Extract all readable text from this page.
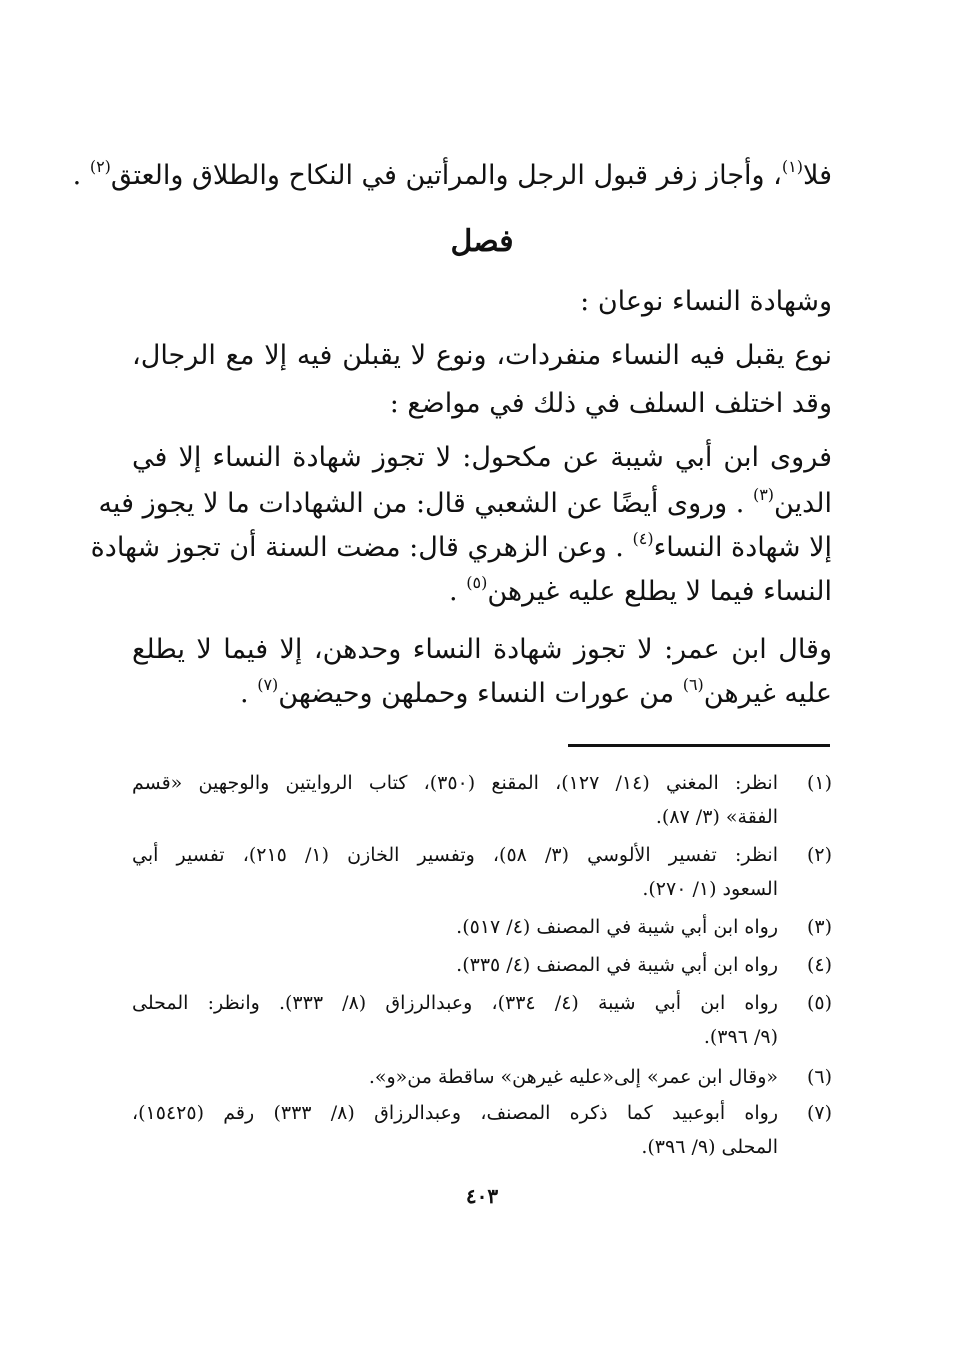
فلا$^{(١)}$، وأجاز زفر قبول الرجل والمرأتين في النكاح والطلاق والعتق$^{(٢)}$ .
فصل
وشهادة النساء نوعان :
نوع يقبل فيه النساء منفردات، ونوع لا يقبلن فيه إلا مع الرجال،
وقد اختلف السلف في ذلك في مواضع :
فروى ابن أبي شيبة عن مكحول: لا تجوز شهادة النساء إلا في
الدين$^{(٣)}$ . وروى أيضًا عن الشعبي قال: من الشهادات ما لا يجوز فيه
إلا شهادة النساء$^{(٤)}$ . وعن الزهري قال: مضت السنة أن تجوز شهادة
النساء فيما لا يطلع عليه غيرهن$^{(٥)}$ .
وقال ابن عمر: لا تجوز شهادة النساء وحدهن، إلا فيما لا يطلع
عليه غيرهن$^{(٦)}$ من عورات النساء وحملهن وحيضهن$^{(٧)}$ .
(١)
انظر: المغني (١٤/ ١٢٧)، المقنع (٣٥٠)، كتاب الروايتين والوجهين «قسم
الفقة» (٣/ ٨٧).
(٢)
انظر: تفسير الألوسي (٣/ ٥٨)، وتفسير الخازن (١/ ٢١٥)، تفسير أبي
السعود (١/ ٢٧٠).
(٣)
رواه ابن أبي شيبة في المصنف (٤/ ٥١٧).
(٤)
رواه ابن أبي شيبة في المصنف (٤/ ٣٣٥).
(٥)
رواه ابن أبي شيبة (٤/ ٣٣٤)، وعبدالرزاق (٨/ ٣٣٣). وانظر: المحلى
(٩/ ٣٩٦).
(٦)
«وقال ابن عمر» إلى«عليه غيرهن» ساقطة من«و».
(٧)
رواه أبوعبيد كما ذكره المصنف، وعبدالرزاق (٨/ ٣٣٣) رقم (١٥٤٢٥)،
المحلى (٩/ ٣٩٦).
٤٠٣
